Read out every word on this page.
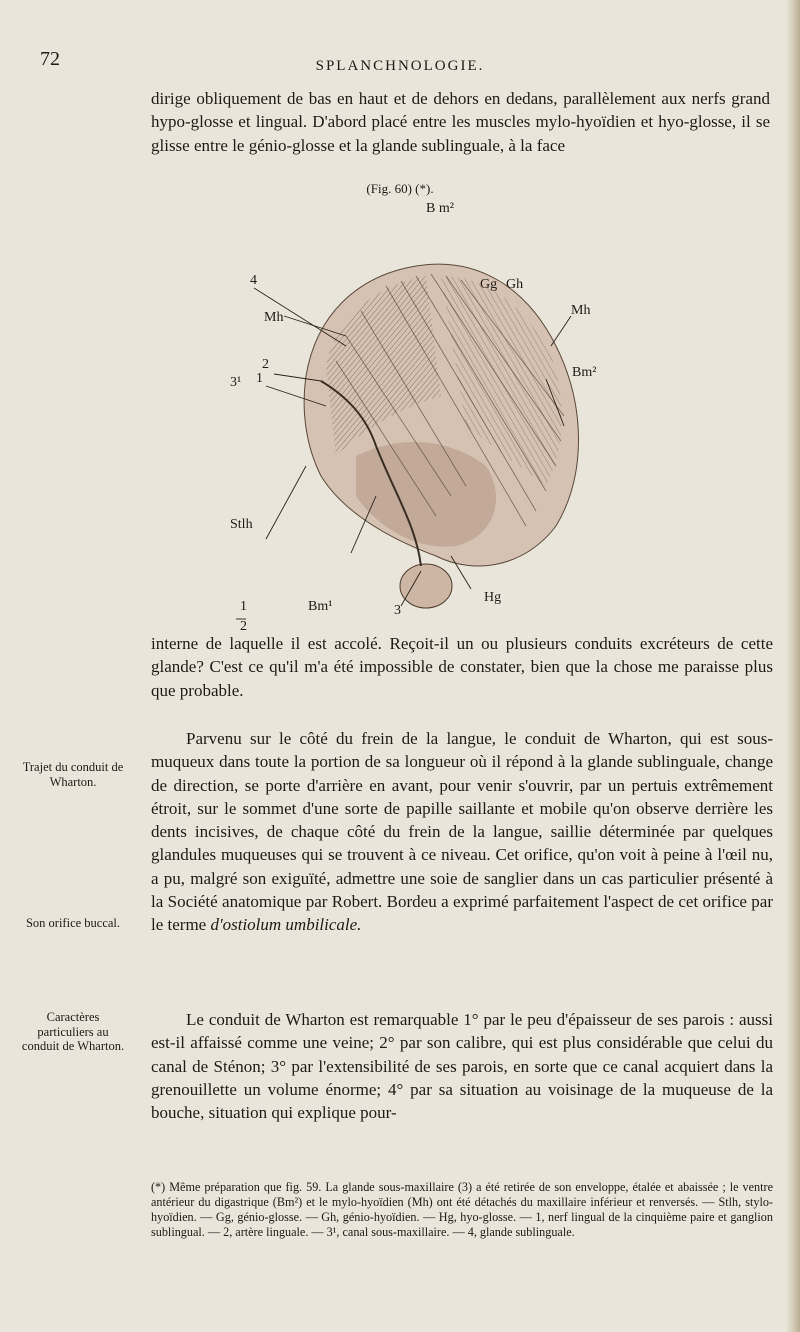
72	SPLANCHNOLOGIE.
dirige obliquement de bas en haut et de dehors en dedans, parallèlement aux nerfs grand hypo-glosse et lingual. D'abord placé entre les muscles mylo-hyoïdien et hyo-glosse, il se glisse entre le génio-glosse et la glande sublinguale, à la face
(Fig. 60) (*).
B m²
4	Gg Gh
Mh	Mh
Bm²
2
3¹ 1
Stlh
1
2
Bm¹	3
Hg
interne de laquelle il est accolé. Reçoit-il un ou plusieurs conduits excréteurs de cette glande? C'est ce qu'il m'a été impossible de constater, bien que la chose me paraisse plus que probable.
Parvenu sur le côté du frein de la langue, le conduit de Wharton, qui est sous-muqueux dans toute la portion de sa longueur où il répond à la glande sublinguale, change de direction, se porte d'arrière en avant, pour venir s'ouvrir, par un pertuis extrêmement étroit, sur le sommet d'une sorte de papille saillante et mobile qu'on observe derrière les dents incisives, de chaque côté du frein de la langue, saillie déterminée par quelques glandules muqueuses qui se trouvent à ce niveau. Cet orifice, qu'on voit à peine à l'œil nu, a pu, malgré son exiguïté, admettre une soie de sanglier dans un cas particulier présenté à la Société anatomique par Robert. Bordeu a exprimé parfaitement l'aspect de cet orifice par le terme d'ostiolum umbilicale.
Le conduit de Wharton est remarquable 1° par le peu d'épaisseur de ses parois : aussi est-il affaissé comme une veine; 2° par son calibre, qui est plus considérable que celui du canal de Sténon; 3° par l'extensibilité de ses parois, en sorte que ce canal acquiert dans la grenouillette un volume énorme; 4° par sa situation au voisinage de la muqueuse de la bouche, situation qui explique pour-
Trajet du conduit de Wharton.
Son orifice buccal.
Caractères particuliers au conduit de Wharton.
(*) Même préparation que fig. 59. La glande sous-maxillaire (3) a été retirée de son enveloppe, étalée et abaissée ; le ventre antérieur du digastrique (Bm²) et le mylo-hyoïdien (Mh) ont été détachés du maxillaire inférieur et renversés. — Stlh, stylo-hyoïdien. — Gg, génio-glosse. — Gh, génio-hyoïdien. — Hg, hyo-glosse. — 1, nerf lingual de la cinquième paire et ganglion sublingual. — 2, artère linguale. — 3¹, canal sous-maxillaire. — 4, glande sublinguale.
